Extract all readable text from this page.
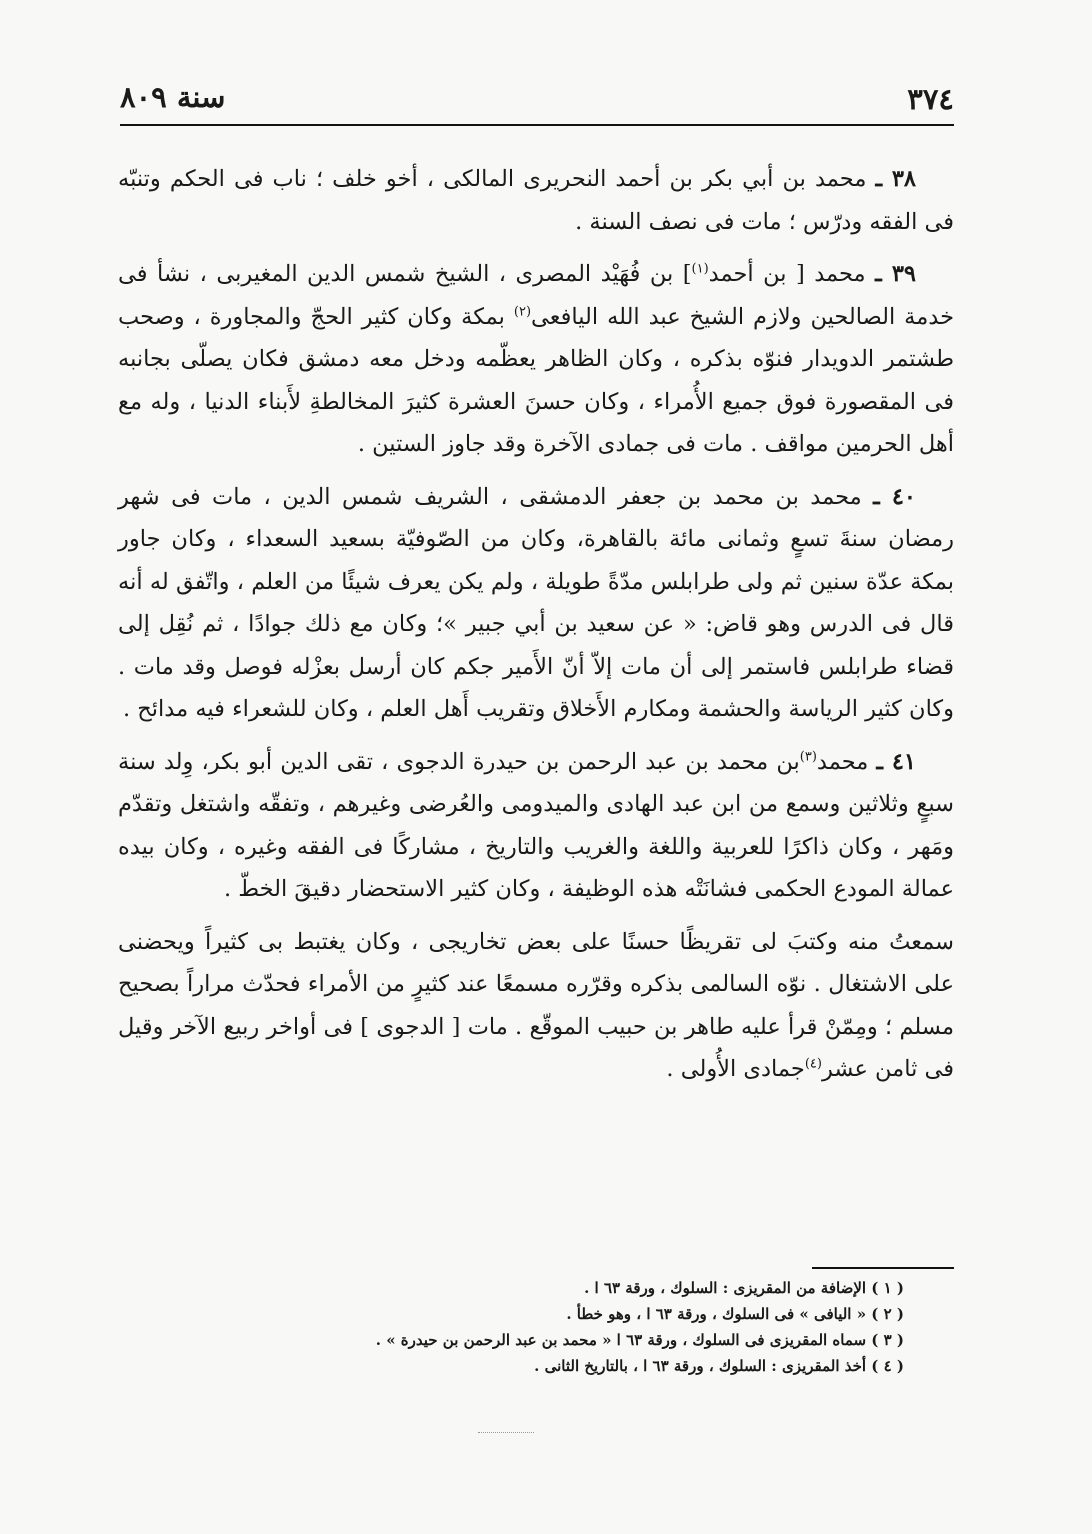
٣٧٤
سنة ٨٠٩

٣٨ ـ محمد بن أبي بكر بن أحمد النحريرى المالكى ، أخو خلف ؛ ناب فى الحكم وتنبّه فى الفقه ودرّس ؛ مات فى نصف السنة .

٣٩ ـ محمد [ بن أحمد$^{(١)}$] بن فُهَيْد المصرى ، الشيخ شمس الدين المغيربى ، نشأ فى خدمة الصالحين ولازم الشيخ عبد الله اليافعى$^{(٢)}$ بمكة وكان كثير الحجّ والمجاورة ، وصحب طشتمر الدويدار فنوّه بذكره ، وكان الظاهر يعظّمه ودخل معه دمشق فكان يصلّى بجانبه فى المقصورة فوق جميع الأُمراء ، وكان حسنَ العشرة كثيرَ المخالطةِ لأَبناء الدنيا ، وله مع أهل الحرمين مواقف . مات فى جمادى الآخرة وقد جاوز الستين .

٤٠ ـ محمد بن محمد بن جعفر الدمشقى ، الشريف شمس الدين ، مات فى شهر رمضان سنةَ تسعٍ وثمانى مائة بالقاهرة، وكان من الصّوفيّة بسعيد السعداء ، وكان جاور بمكة عدّة سنين ثم ولى طرابلس مدّةً طويلة ، ولم يكن يعرف شيئًا من العلم ، واتّفق له أنه قال فى الدرس وهو قاض: « عن سعيد بن أبي جبير »؛ وكان مع ذلك جوادًا ، ثم نُقِل إلى قضاء طرابلس فاستمر إلى أن مات إلاّ أنّ الأَمير جكم كان أرسل بعزْله فوصل وقد مات . وكان كثير الرياسة والحشمة ومكارم الأَخلاق وتقريب أَهل العلم ، وكان للشعراء فيه مدائح .

٤١ ـ محمد$^{(٣)}$بن محمد بن عبد الرحمن بن حيدرة الدجوى ، تقى الدين أبو بكر، وِلد سنة سبعٍ وثلاثين وسمع من ابن عبد الهادى والميدومى والعُرضى وغيرهم ، وتفقّه واشتغل وتقدّم ومَهر ، وكان ذاكرًا للعربية واللغة والغريب والتاريخ ، مشاركًا فى الفقه وغيره ، وكان بيده عمالة المودع الحكمى فشانَتْه هذه الوظيفة ، وكان كثير الاستحضار دقيقَ الخطّ .

سمعتُ منه وكتبَ لى تقريظًا حسنًا على بعض تخاريجى ، وكان يغتبط بى كثيراً ويحضنى على الاشتغال . نوّه السالمى بذكره وقرّره مسمعًا عند كثيرٍ من الأمراء فحدّث مراراً بصحيح مسلم ؛ ومِمّنْ قرأ عليه طاهر بن حبيب الموقّع . مات [ الدجوى ] فى أواخر ربيع الآخر وقيل فى ثامن عشر$^{(٤)}$جمادى الأُولى .

( ١ ) الإضافة من المقريزى : السلوك ، ورقة ٦٣ ا .
( ٢ ) « اليافى » فى السلوك ، ورقة ٦٣ ا ، وهو خطأ .
( ٣ ) سماه المقريزى فى السلوك ، ورقة ٦٣ ا « محمد بن عبد الرحمن بن حيدرة » .
( ٤ ) أخذ المقريزى : السلوك ، ورقة ٦٣ ا ، بالتاريخ الثانى .
